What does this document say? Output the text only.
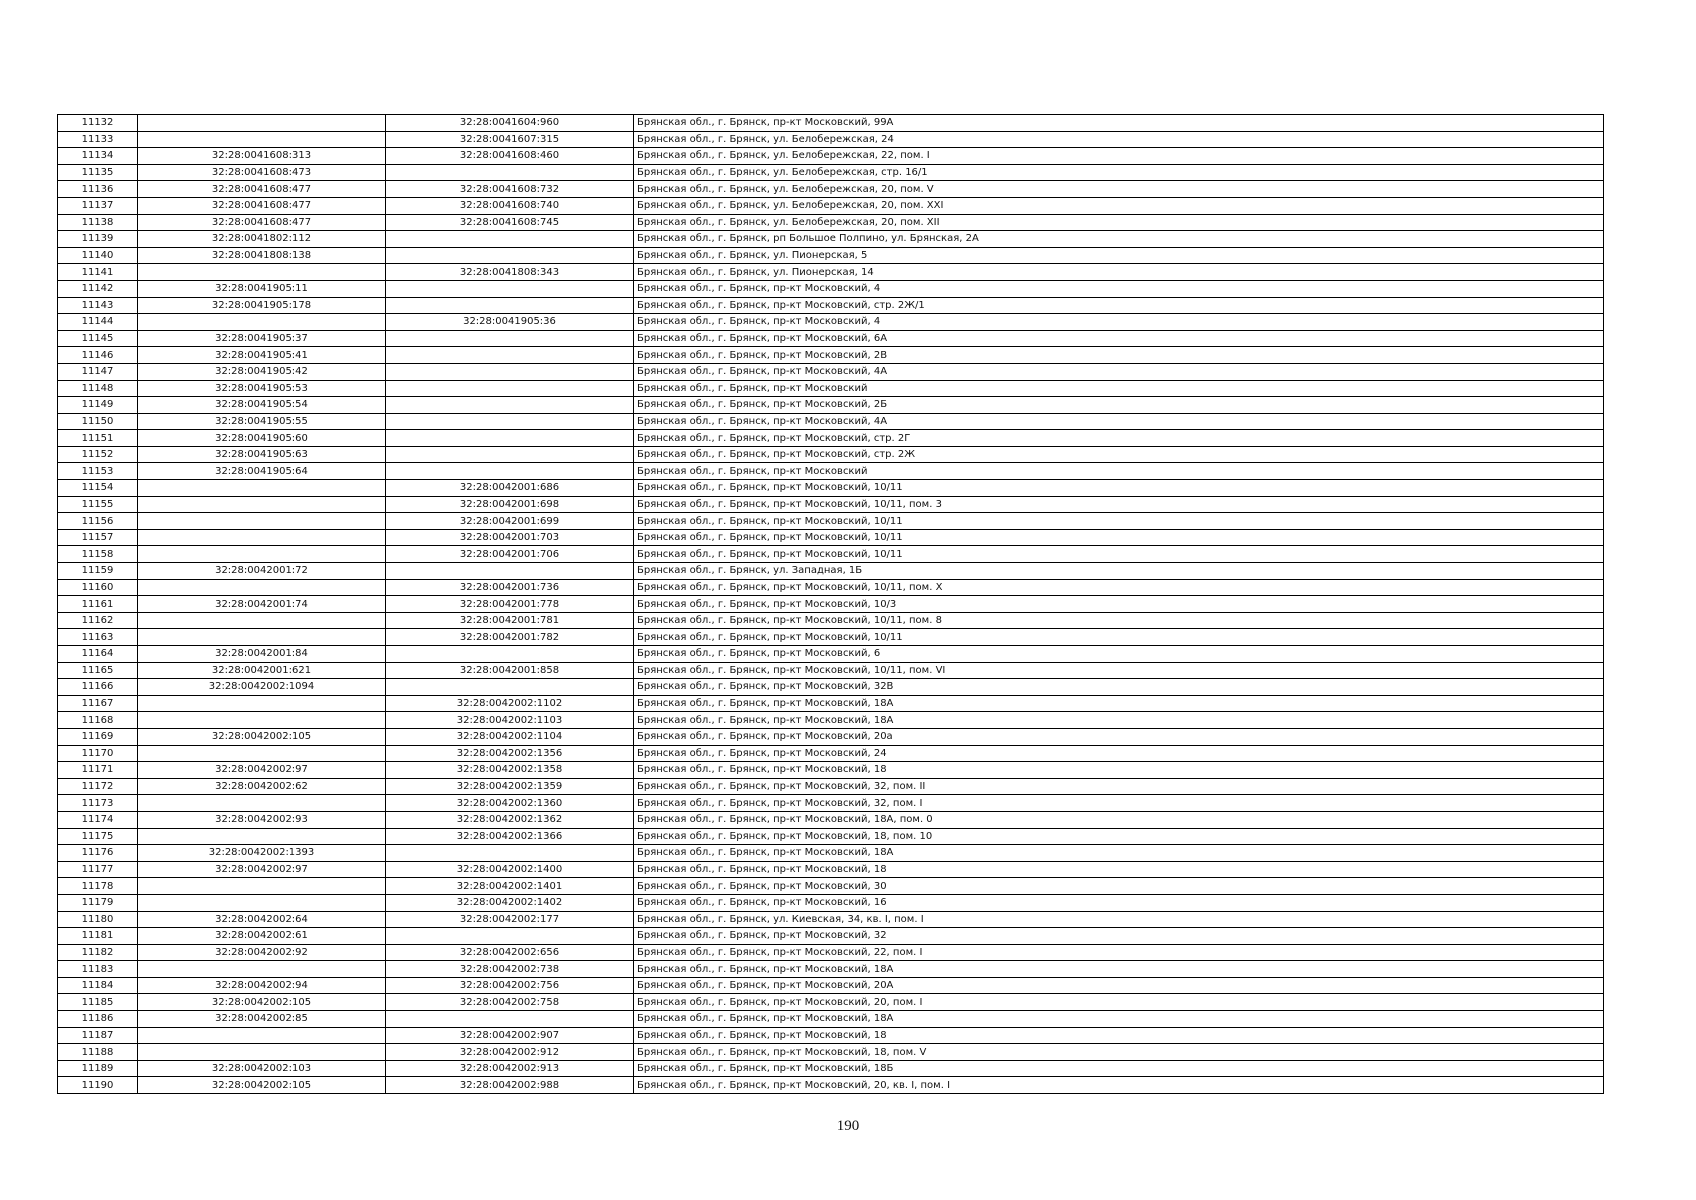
11132		32:28:0041604:960	Брянская обл., г. Брянск, пр-кт Московский, 99А
11133		32:28:0041607:315	Брянская обл., г. Брянск, ул. Белобережская, 24
11134	32:28:0041608:313	32:28:0041608:460	Брянская обл., г. Брянск, ул. Белобережская, 22, пом. I
11135	32:28:0041608:473		Брянская обл., г. Брянск, ул. Белобережская, стр. 16/1
11136	32:28:0041608:477	32:28:0041608:732	Брянская обл., г. Брянск, ул. Белобережская, 20, пом. V
11137	32:28:0041608:477	32:28:0041608:740	Брянская обл., г. Брянск, ул. Белобережская, 20, пом. XXI
11138	32:28:0041608:477	32:28:0041608:745	Брянская обл., г. Брянск, ул. Белобережская, 20, пом. XII
11139	32:28:0041802:112		Брянская обл., г. Брянск, рп Большое Полпино, ул. Брянская, 2А
11140	32:28:0041808:138		Брянская обл., г. Брянск, ул. Пионерская, 5
11141		32:28:0041808:343	Брянская обл., г. Брянск, ул. Пионерская, 14
11142	32:28:0041905:11		Брянская обл., г. Брянск, пр-кт Московский, 4
11143	32:28:0041905:178		Брянская обл., г. Брянск, пр-кт Московский, стр. 2Ж/1
11144		32:28:0041905:36	Брянская обл., г. Брянск, пр-кт Московский, 4
11145	32:28:0041905:37		Брянская обл., г. Брянск, пр-кт Московский, 6А
11146	32:28:0041905:41		Брянская обл., г. Брянск, пр-кт Московский, 2В
11147	32:28:0041905:42		Брянская обл., г. Брянск, пр-кт Московский, 4А
11148	32:28:0041905:53		Брянская обл., г. Брянск, пр-кт Московский
11149	32:28:0041905:54		Брянская обл., г. Брянск, пр-кт Московский, 2Б
11150	32:28:0041905:55		Брянская обл., г. Брянск, пр-кт Московский, 4А
11151	32:28:0041905:60		Брянская обл., г. Брянск, пр-кт Московский, стр. 2Г
11152	32:28:0041905:63		Брянская обл., г. Брянск, пр-кт Московский, стр. 2Ж
11153	32:28:0041905:64		Брянская обл., г. Брянск, пр-кт Московский
11154		32:28:0042001:686	Брянская обл., г. Брянск, пр-кт Московский, 10/11
11155		32:28:0042001:698	Брянская обл., г. Брянск, пр-кт Московский, 10/11, пом. 3
11156		32:28:0042001:699	Брянская обл., г. Брянск, пр-кт Московский, 10/11
11157		32:28:0042001:703	Брянская обл., г. Брянск, пр-кт Московский, 10/11
11158		32:28:0042001:706	Брянская обл., г. Брянск, пр-кт Московский, 10/11
11159	32:28:0042001:72		Брянская обл., г. Брянск, ул. Западная, 1Б
11160		32:28:0042001:736	Брянская обл., г. Брянск, пр-кт Московский, 10/11, пом. X
11161	32:28:0042001:74	32:28:0042001:778	Брянская обл., г. Брянск, пр-кт Московский, 10/3
11162		32:28:0042001:781	Брянская обл., г. Брянск, пр-кт Московский, 10/11, пом. 8
11163		32:28:0042001:782	Брянская обл., г. Брянск, пр-кт Московский, 10/11
11164	32:28:0042001:84		Брянская обл., г. Брянск, пр-кт Московский, 6
11165	32:28:0042001:621	32:28:0042001:858	Брянская обл., г. Брянск, пр-кт Московский, 10/11, пом. VI
11166	32:28:0042002:1094		Брянская обл., г. Брянск, пр-кт Московский, 32В
11167		32:28:0042002:1102	Брянская обл., г. Брянск, пр-кт Московский, 18А
11168		32:28:0042002:1103	Брянская обл., г. Брянск, пр-кт Московский, 18А
11169	32:28:0042002:105	32:28:0042002:1104	Брянская обл., г. Брянск, пр-кт Московский, 20а
11170		32:28:0042002:1356	Брянская обл., г. Брянск, пр-кт Московский, 24
11171	32:28:0042002:97	32:28:0042002:1358	Брянская обл., г. Брянск, пр-кт Московский, 18
11172	32:28:0042002:62	32:28:0042002:1359	Брянская обл., г. Брянск, пр-кт Московский, 32, пом. II
11173		32:28:0042002:1360	Брянская обл., г. Брянск, пр-кт Московский, 32, пом. I
11174	32:28:0042002:93	32:28:0042002:1362	Брянская обл., г. Брянск, пр-кт Московский, 18А, пом. 0
11175		32:28:0042002:1366	Брянская обл., г. Брянск, пр-кт Московский, 18, пом. 10
11176	32:28:0042002:1393		Брянская обл., г. Брянск, пр-кт Московский, 18А
11177	32:28:0042002:97	32:28:0042002:1400	Брянская обл., г. Брянск, пр-кт Московский, 18
11178		32:28:0042002:1401	Брянская обл., г. Брянск, пр-кт Московский, 30
11179		32:28:0042002:1402	Брянская обл., г. Брянск, пр-кт Московский, 16
11180	32:28:0042002:64	32:28:0042002:177	Брянская обл., г. Брянск, ул. Киевская, 34, кв. I, пом. I
11181	32:28:0042002:61		Брянская обл., г. Брянск, пр-кт Московский, 32
11182	32:28:0042002:92	32:28:0042002:656	Брянская обл., г. Брянск, пр-кт Московский, 22, пом. I
11183		32:28:0042002:738	Брянская обл., г. Брянск, пр-кт Московский, 18А
11184	32:28:0042002:94	32:28:0042002:756	Брянская обл., г. Брянск, пр-кт Московский, 20А
11185	32:28:0042002:105	32:28:0042002:758	Брянская обл., г. Брянск, пр-кт Московский, 20, пом. I
11186	32:28:0042002:85		Брянская обл., г. Брянск, пр-кт Московский, 18А
11187		32:28:0042002:907	Брянская обл., г. Брянск, пр-кт Московский, 18
11188		32:28:0042002:912	Брянская обл., г. Брянск, пр-кт Московский, 18, пом. V
11189	32:28:0042002:103	32:28:0042002:913	Брянская обл., г. Брянск, пр-кт Московский, 18Б
11190	32:28:0042002:105	32:28:0042002:988	Брянская обл., г. Брянск, пр-кт Московский, 20, кв. I, пом. I
190
